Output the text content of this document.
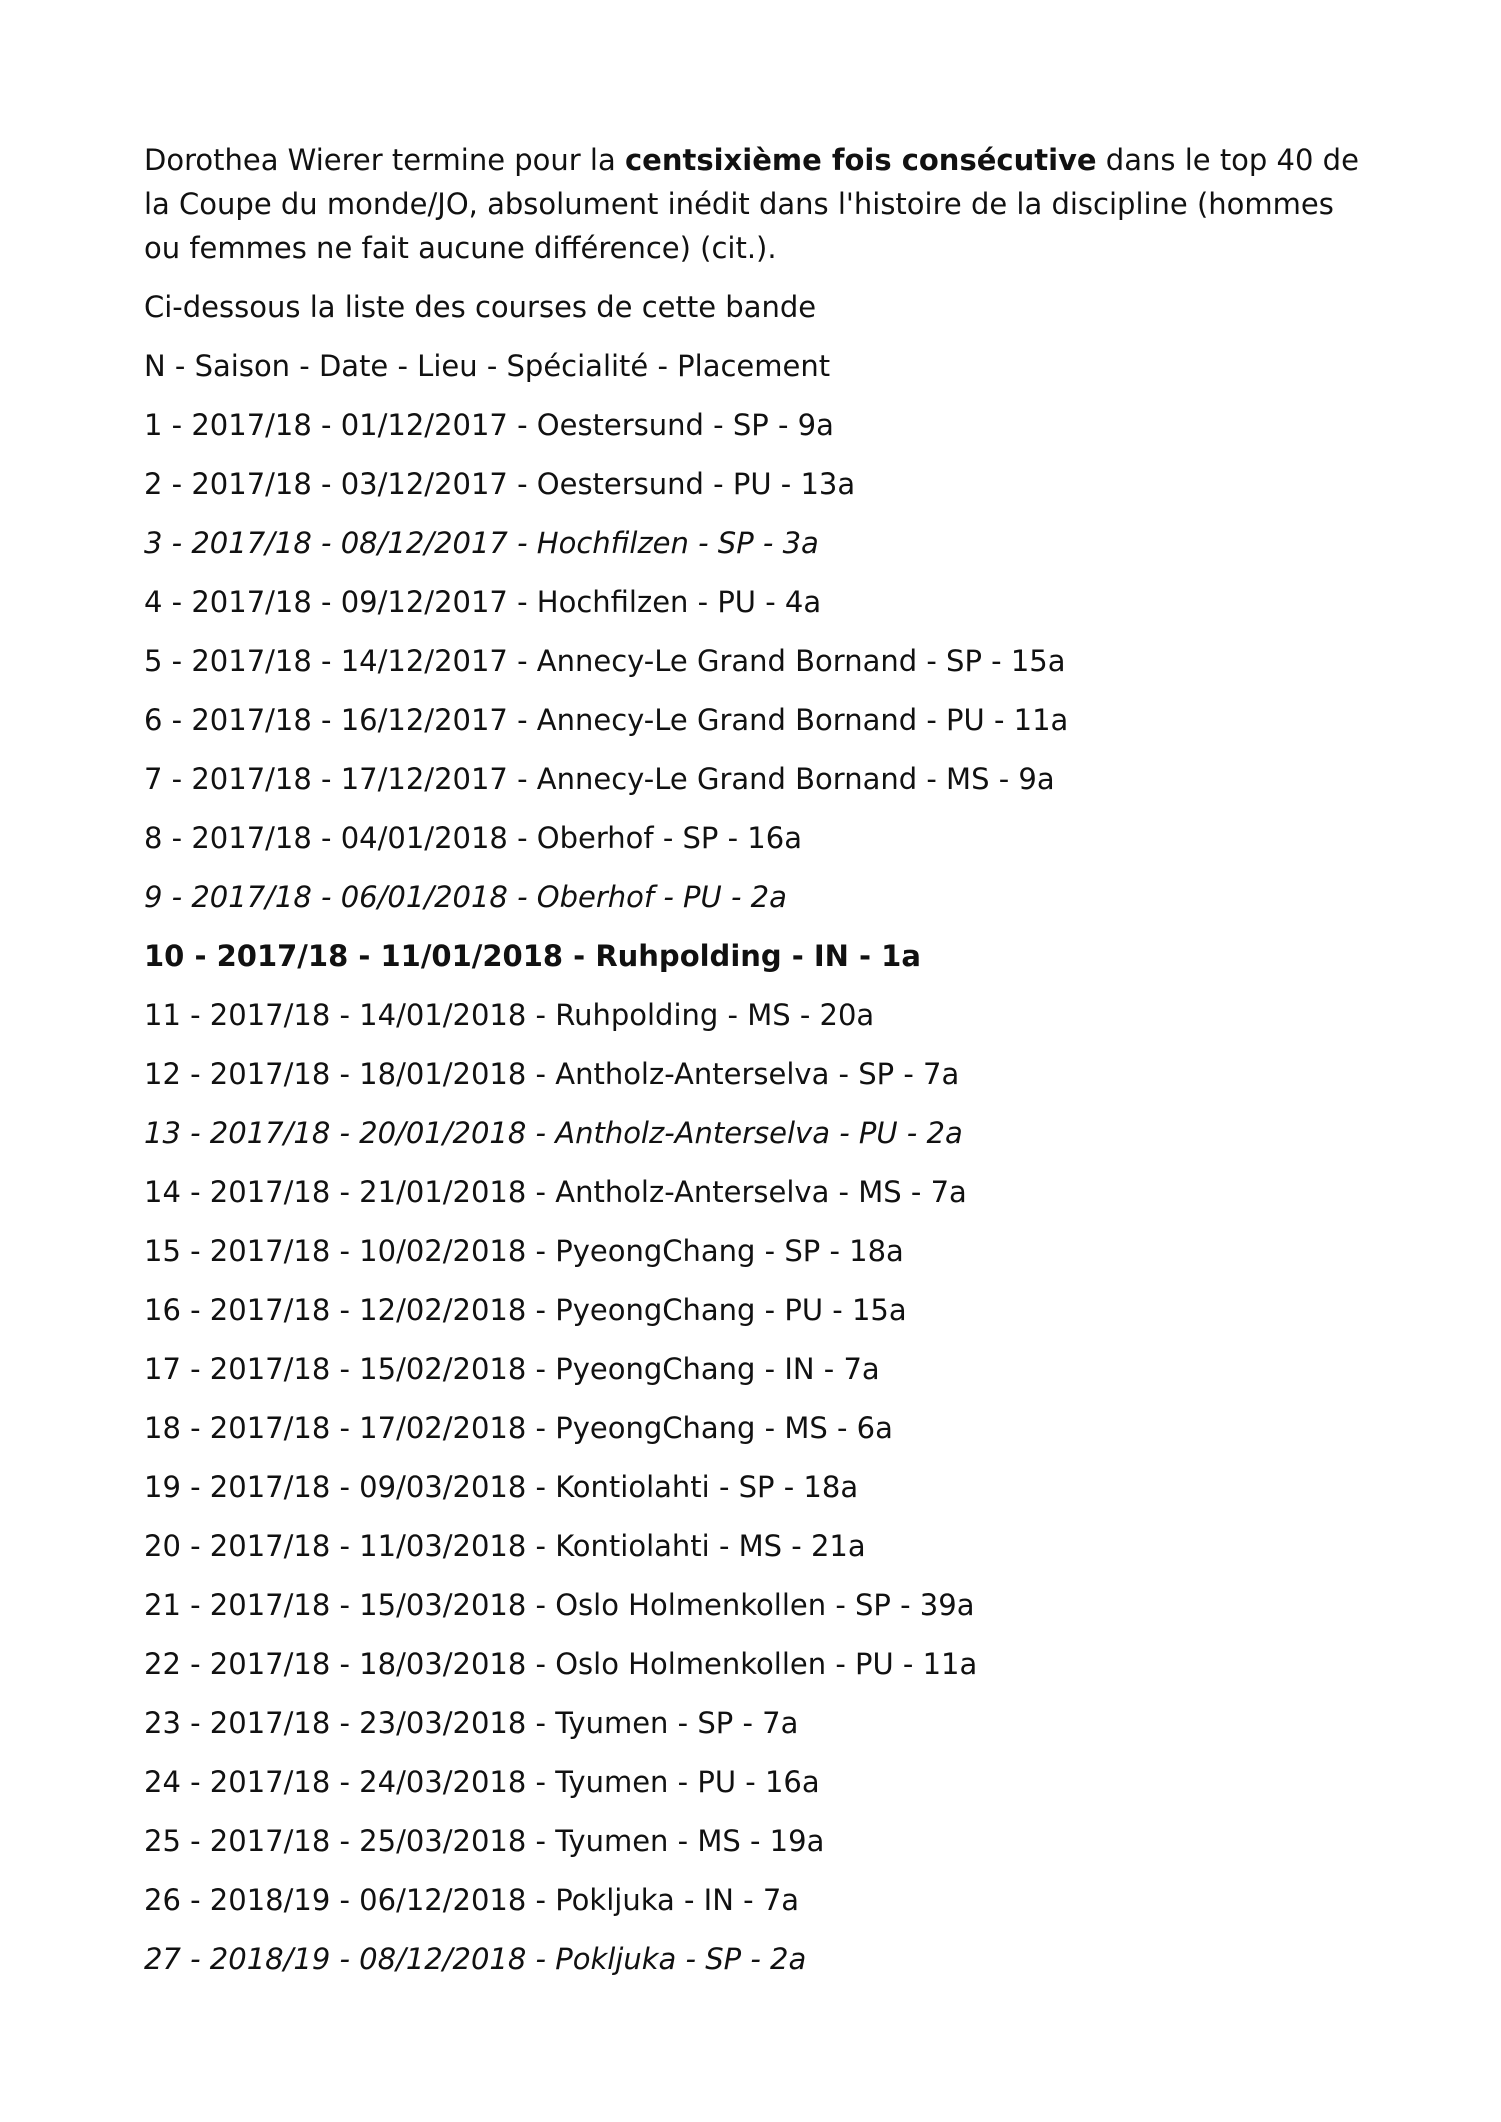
Dorothea Wierer termine pour la centsixième fois consécutive dans le top 40 de la Coupe du monde/JO, absolument inédit dans l'histoire de la discipline (hommes ou femmes ne fait aucune différence) (cit.).

Ci-dessous la liste des courses de cette bande

N - Saison - Date - Lieu - Spécialité - Placement

1 - 2017/18 - 01/12/2017 - Oestersund - SP - 9a

2 - 2017/18 - 03/12/2017 - Oestersund - PU - 13a

3 - 2017/18 - 08/12/2017 - Hochfilzen - SP - 3a

4 - 2017/18 - 09/12/2017 - Hochfilzen - PU - 4a

5 - 2017/18 - 14/12/2017 - Annecy-Le Grand Bornand - SP - 15a

6 - 2017/18 - 16/12/2017 - Annecy-Le Grand Bornand - PU - 11a

7 - 2017/18 - 17/12/2017 - Annecy-Le Grand Bornand - MS - 9a

8 - 2017/18 - 04/01/2018 - Oberhof - SP - 16a

9 - 2017/18 - 06/01/2018 - Oberhof - PU - 2a

10 - 2017/18 - 11/01/2018 - Ruhpolding - IN - 1a

11 - 2017/18 - 14/01/2018 - Ruhpolding - MS - 20a

12 - 2017/18 - 18/01/2018 - Antholz-Anterselva - SP - 7a

13 - 2017/18 - 20/01/2018 - Antholz-Anterselva - PU - 2a

14 - 2017/18 - 21/01/2018 - Antholz-Anterselva - MS - 7a

15 - 2017/18 - 10/02/2018 - PyeongChang - SP - 18a

16 - 2017/18 - 12/02/2018 - PyeongChang - PU - 15a

17 - 2017/18 - 15/02/2018 - PyeongChang - IN - 7a

18 - 2017/18 - 17/02/2018 - PyeongChang - MS - 6a

19 - 2017/18 - 09/03/2018 - Kontiolahti - SP - 18a

20 - 2017/18 - 11/03/2018 - Kontiolahti - MS - 21a

21 - 2017/18 - 15/03/2018 - Oslo Holmenkollen - SP - 39a

22 - 2017/18 - 18/03/2018 - Oslo Holmenkollen - PU - 11a

23 - 2017/18 - 23/03/2018 - Tyumen - SP - 7a

24 - 2017/18 - 24/03/2018 - Tyumen - PU - 16a

25 - 2017/18 - 25/03/2018 - Tyumen - MS - 19a

26 - 2018/19 - 06/12/2018 - Pokljuka - IN - 7a

27 - 2018/19 - 08/12/2018 - Pokljuka - SP - 2a
